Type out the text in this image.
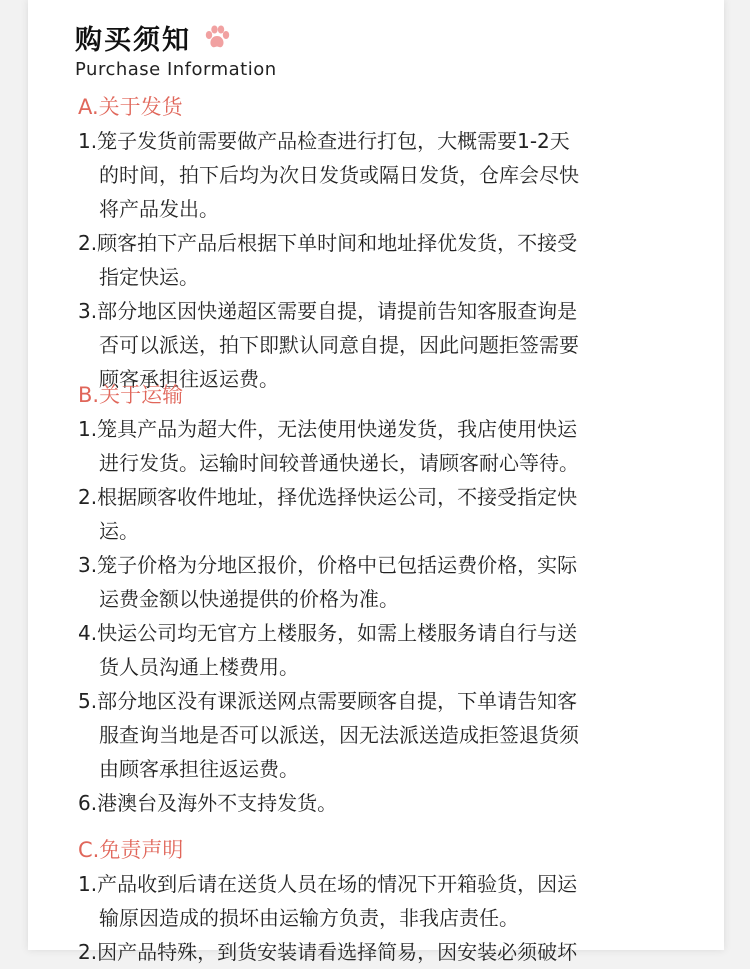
购买须知
Purchase Information
A.关于发货
1. 笼子发货前需要做产品检查进行打包，大概需要1-2天
的时间，拍下后均为次日发货或隔日发货，仓库会尽快
将产品发出。
2. 顾客拍下产品后根据下单时间和地址择优发货，不接受
指定快运。
3. 部分地区因快递超区需要自提，请提前告知客服查询是
否可以派送，拍下即默认同意自提，因此问题拒签需要
顾客承担往返运费。
B.关于运输
1. 笼具产品为超大件，无法使用快递发货，我店使用快运
进行发货。运输时间较普通快递长，请顾客耐心等待。
2. 根据顾客收件地址，择优选择快运公司，不接受指定快
运。
3. 笼子价格为分地区报价，价格中已包括运费价格，实际
运费金额以快递提供的价格为准。
4. 快运公司均无官方上楼服务，如需上楼服务请自行与送
货人员沟通上楼费用。
5. 部分地区没有课派送网点需要顾客自提，下单请告知客
服查询当地是否可以派送，因无法派送造成拒签退货须
由顾客承担往返运费。
6. 港澳台及海外不支持发货。
C.免责声明
1. 产品收到后请在送货人员在场的情况下开箱验货，因运
输原因造成的损坏由运输方负责，非我店责任。
2. 因产品特殊，到货安装请看选择简易，因安装必须破坏
